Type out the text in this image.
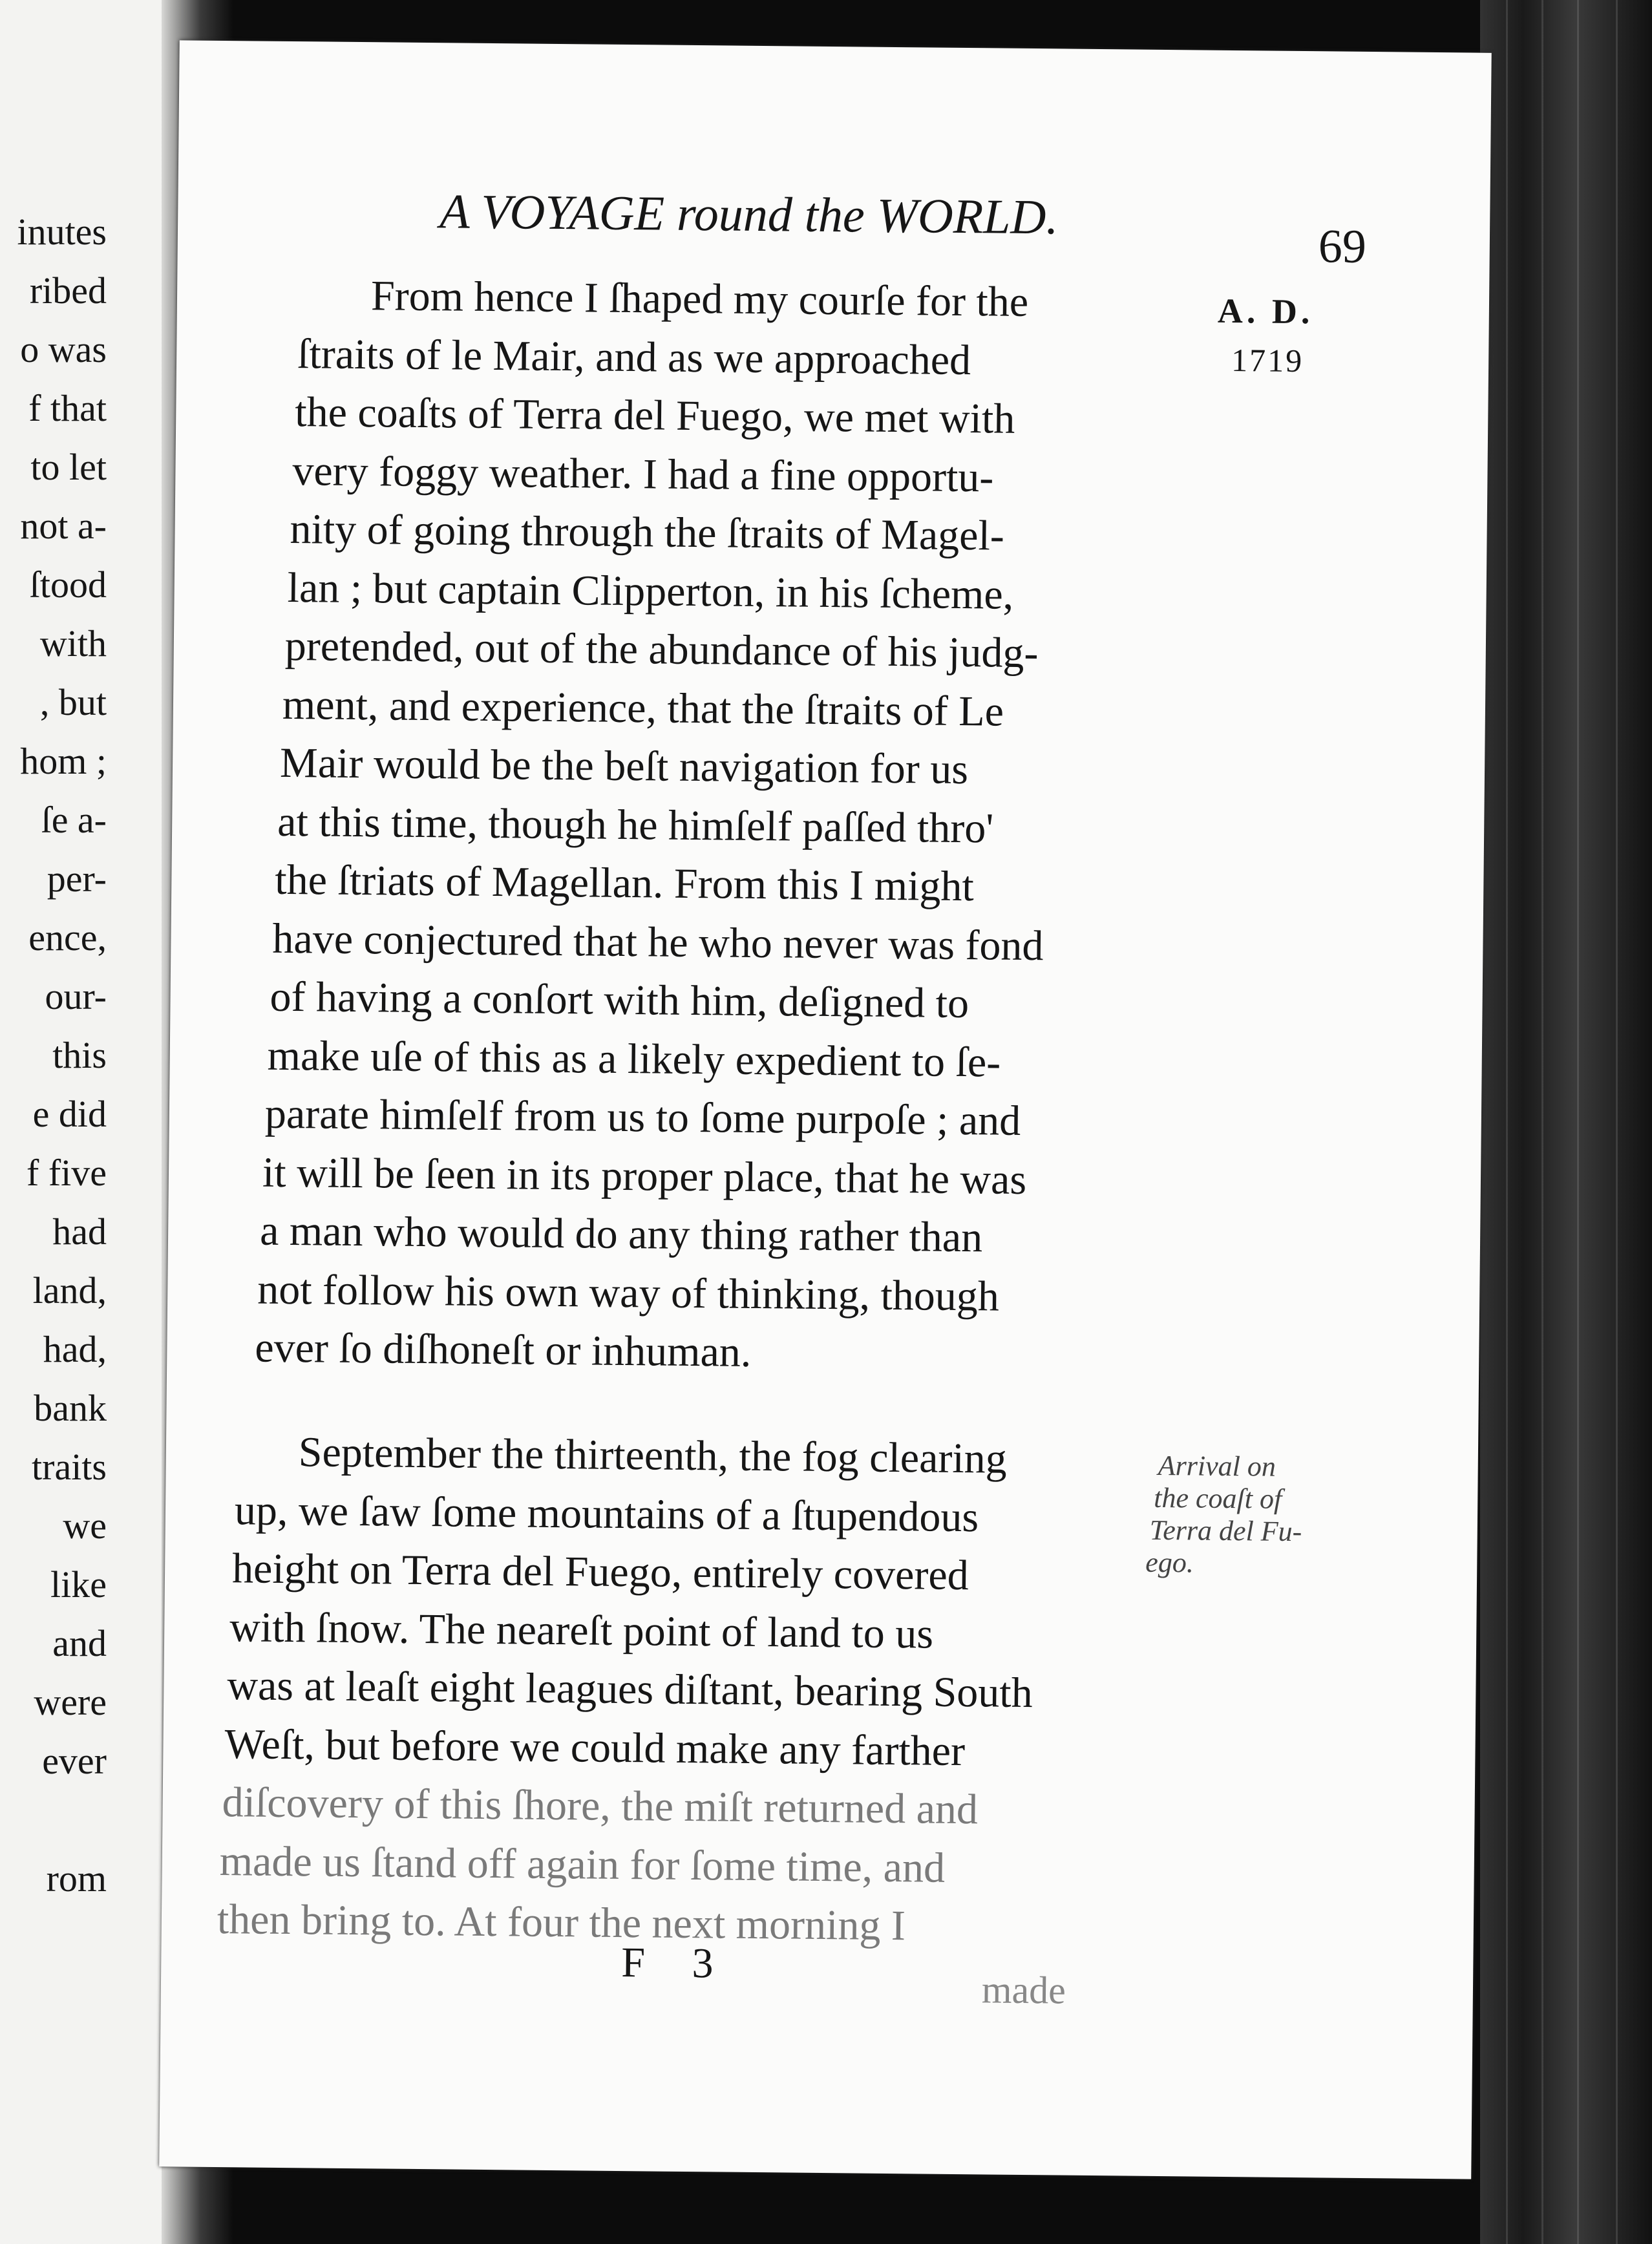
inutes
ribed
o was
f that
to let
not a-
ſtood
with
, but
hom ;
ſe a-
per-
ence,
our-
this
e did
f five
had
land,
had,
bank
traits
we
like
and
were
ever
rom
A VOYAGE round the WORLD.
69
A. D.
1719
From hence I ſhaped my courſe for the
ſtraits of le Mair, and as we approached
the coaſts of Terra del Fuego, we met with
very foggy weather. I had a fine opportu-
nity of going through the ſtraits of Magel-
lan ; but captain Clipperton, in his ſcheme,
pretended, out of the abundance of his judg-
ment, and experience, that the ſtraits of Le
Mair would be the beſt navigation for us
at this time, though he himſelf paſſed thro'
the ſtriats of Magellan. From this I might
have conjectured that he who never was fond
of having a conſort with him, deſigned to
make uſe of this as a likely expedient to ſe-
parate himſelf from us to ſome purpoſe ; and
it will be ſeen in its proper place, that he was
a man who would do any thing rather than
not follow his own way of thinking, though
ever ſo diſhoneſt or inhuman.
September the thirteenth, the fog clearing
up, we ſaw ſome mountains of a ſtupendous
height on Terra del Fuego, entirely covered
with ſnow. The neareſt point of land to us
was at leaſt eight leagues diſtant, bearing South
Weſt, but before we could make any farther
diſcovery of this ſhore, the miſt returned and
made us ſtand off again for ſome time, and
then bring to. At four the next morning I
Arrival on
the coaſt of
Terra del Fu-
ego.
F 3
made
